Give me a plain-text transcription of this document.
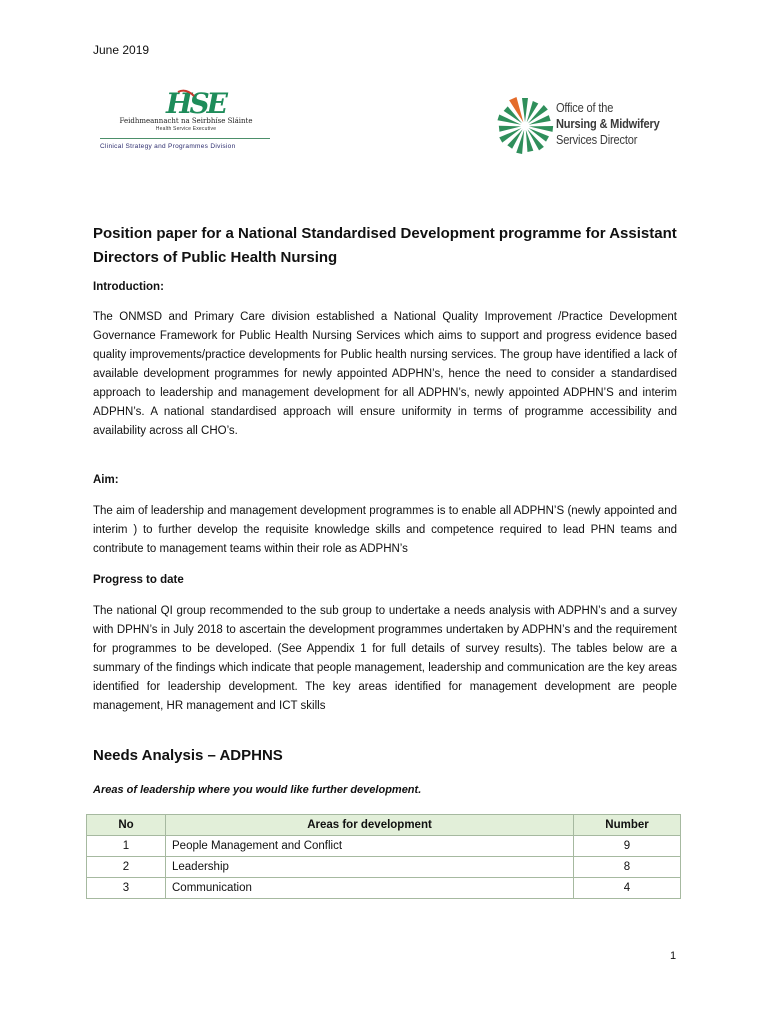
June 2019
HSE
Feidhmeannacht na Seirbhíse Sláinte
Health Service Executive
Clinical Strategy and Programmes Division
Office of the
Nursing & Midwifery
Services Director
Position paper for a National Standardised Development programme for Assistant Directors of Public Health Nursing
Introduction:
The ONMSD and Primary Care division established a National Quality Improvement /Practice Development Governance Framework for Public Health Nursing Services which aims to support and progress evidence based quality improvements/practice developments for Public health nursing services. The group have identified a lack of available development programmes for newly appointed ADPHN’s, hence the need to consider a standardised approach to leadership and management development for all ADPHN’s, newly appointed ADPHN’S and interim ADPHN’s. A national standardised approach will ensure uniformity in terms of programme accessibility and availability across all CHO’s.
Aim:
The aim of leadership and management development programmes is to enable all ADPHN’S (newly appointed and interim ) to further develop the requisite knowledge skills and competence required to lead PHN teams and contribute to management teams within their role as ADPHN’s
Progress to date
The national QI group recommended to the sub group to undertake a needs analysis with ADPHN’s and a survey with DPHN’s in July 2018 to ascertain the development programmes undertaken by ADPHN’s and the requirement for programmes to be developed. (See Appendix 1 for full details of survey results). The tables below are a summary of the findings which indicate that people management, leadership and communication are the key areas identified for leadership development. The key areas identified for management development are people management, HR management and ICT skills
Needs Analysis – ADPHNS
Areas of leadership where you would like further development.
No	Areas for development	Number
1	People Management and Conflict	9
2	Leadership	8
3	Communication	4
1
